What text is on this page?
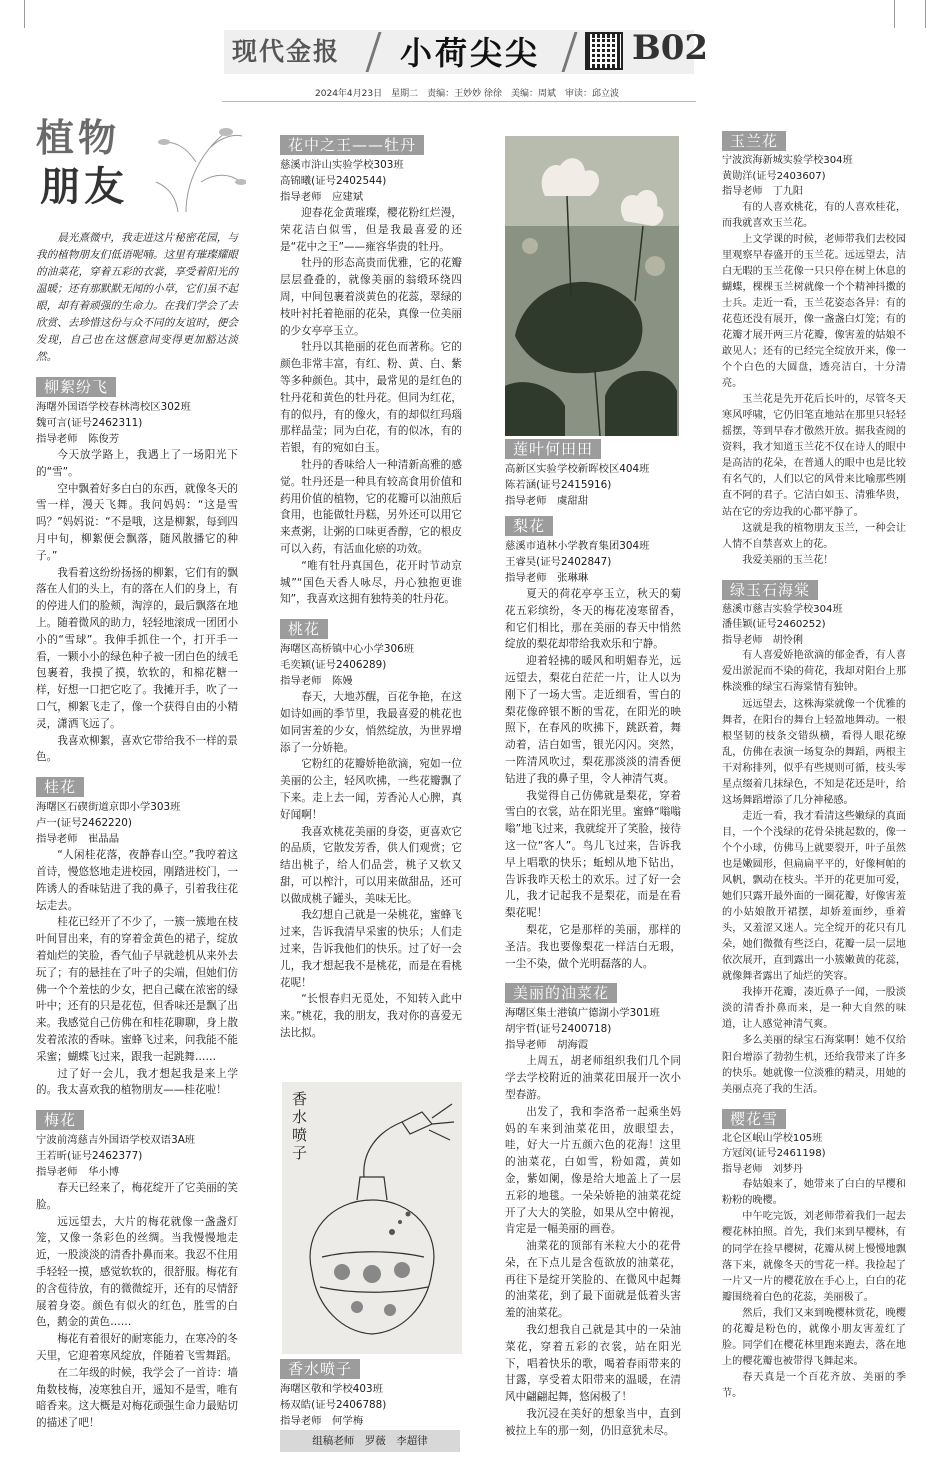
现代金报 小荷尖尖	B02
2024年4月23日　星期二　责编：王妙妙 徐徐　美编：周斌　审读：邱立波
植物
朋友

晨光熹微中，我走进这片秘密花园，与我的植物朋友们低语呢喃。这里有璀璨耀眼的油菜花，穿着五彩的衣裳，享受着阳光的温暖；还有那默默无闻的小草，它们虽不起眼，却有着顽强的生命力。在我们学会了去欣赏、去珍惜这份与众不同的友谊时，便会发现，自己也在这惬意间变得更加豁达淡然。

柳絮纷飞
海曙外国语学校春林湾校区302班
魏可言(证号2462311)
指导老师　陈俊芳

今天放学路上，我遇上了一场阳光下的“雪”。

空中飘着好多白白的东西，就像冬天的雪一样，漫天飞舞。我问妈妈：“这是雪吗？”妈妈说：“不是哦，这是柳絮，每到四月中旬，柳絮便会飘落，随风散播它的种子。”

我看着这纷纷扬扬的柳絮，它们有的飘落在人们的头上，有的落在人们的身上，有的停进人们的脸颊，淘淳的，最后飘落在地上。随着微风的助力，轻轻地滚成一团团小小的“雪球”。我伸手抓住一个，打开手一看，一颗小小的绿色种子被一团白色的绒毛包裹着，我摸了摸，软软的，和棉花糖一样，好想一口把它吃了。我摊开手，吹了一口气，柳絮飞走了，像一个获得自由的小精灵，潇洒飞远了。

我喜欢柳絮，喜欢它带给我不一样的景色。

桂花
海曙区石碶街道京即小学303班
卢一(证号2462220)
指导老师　崔晶晶

“人闲桂花落，夜静春山空。”我哼着这首诗，慢悠悠地走进校园，刚踏进校门，一阵诱人的香味钻进了我的鼻子，引着我往花坛走去。

桂花已经开了不少了，一簇一簇地在枝叶间冒出来，有的穿着金黄色的裙子，绽放着灿烂的笑脸，香气仙子早就趁机从来外去玩了；有的悬挂在了叶子的尖端，但她们仿佛一个个羞怯的少女，把自己藏在浓密的绿叶中；还有的只是花苞，但香味还是飘了出来。我感觉自己仿佛在和桂花聊聊，身上散发着浓浓的香味。蜜蜂飞过来，问我能不能采蜜；蝴蝶飞过来，跟我一起跳舞……

过了好一会儿，我才想起我是来上学的。我太喜欢我的植物朋友——桂花啦！

梅花
宁波前湾慈吉外国语学校双语3A班
王若昕(证号2462377)
指导老师　华小博

春天已经来了，梅花绽开了它美丽的笑脸。

远远望去，大片的梅花就像一盏盏灯笼，又像一条彩色的丝绸。当我慢慢地走近，一股淡淡的清香扑鼻而来。我忍不住用手轻轻一摸，感觉软软的，很舒服。梅花有的含苞待放，有的微微绽开，还有的尽情舒展着身姿。颜色有似火的红色，胜雪的白色，鹅金的黄色……

梅花有着很好的耐寒能力，在寒冷的冬天里，它迎着寒风绽放，伴随着飞雪舞蹈。

在二年级的时候，我学会了一首诗：墙角数枝梅，凌寒独自开，遥知不是雪，唯有暗香来。这大概是对梅花顽强生命力最贴切的描述了吧！

花中之王——牡丹
慈溪市浒山实验学校303班
高锦曦(证号2402544)
指导老师　应建斌

迎春花金黄璀璨，樱花粉红烂漫，荣花洁白似雪，但是我最喜爱的还是“花中之王”——雍容华贵的牡丹。

牡丹的形态高贵而优雅，它的花瓣层层叠叠的，就像美丽的翁缎环绕四周，中间包裹着淡黄色的花蕊，翠绿的枝叶衬托着艳丽的花朵，真像一位美丽的少女亭亭玉立。

牡丹以其艳丽的花色而著称。它的颜色非常丰富，有红、粉、黄、白、紫等多种颜色。其中，最常见的是红色的牡丹花和黄色的牡丹花。但同为红花，有的似丹，有的像火，有的却似红玛瑙那样晶莹；同为白花，有的似冰，有的若银，有的宛如白玉。

牡丹的香味给人一种清新高雅的感觉。牡丹还是一种具有较高食用价值和药用价值的植物，它的花瓣可以油煎后食用，也能做牡丹糕，另外还可以用它来煮粥，让粥的口味更香醇，它的根皮可以入药，有活血化瘀的功效。

“唯有牡丹真国色，花开时节动京城”“国色天香人咏尽，丹心独抱更谁知”，我喜欢这拥有独特美的牡丹花。

桃花
海曙区高桥镇中心小学306班
毛奕颖(证号2406289)
指导老师　陈嫚

春天，大地苏醒，百花争艳，在这如诗如画的季节里，我最喜爱的桃花也如同害羞的少女，悄然绽放，为世界增添了一分娇艳。

它粉红的花瓣娇艳欲滴，宛如一位美丽的公主，轻风吹拂，一些花瓣飘了下来。走上去一闻，芳香沁人心脾，真好闻啊！

我喜欢桃花美丽的身姿，更喜欢它的品质，它散发芳香，供人们观赏；它结出桃子，给人们品尝，桃子又软又甜，可以榨汁，可以用来做甜品，还可以做成桃子罐头，美味无比。

我幻想自己就是一朵桃花，蜜蜂飞过来，告诉我清早采蜜的快乐；人们走过来，告诉我他们的快乐。过了好一会儿，我才想起我不是桃花，而是在看桃花呢！

“长恨春归无觅处，不知转入此中来。”桃花，我的朋友，我对你的喜爱无法比拟。

香水喷子
香水喷子
海曙区敬和学校403班
杨双皓(证号2406788)
指导老师　何学梅
组稿老师　罗薇　李超律
莲叶何田田
高新区实验学校新晖校区404班
陈若涵(证号2415916)
指导老师　虞甜甜
梨花
慈溪市逍林小学教育集团304班
王睿昊(证号2402847)
指导老师　张琳琳

夏天的荷花亭亭玉立，秋天的菊花五彩缤纷，冬天的梅花凌寒留香，和它们相比，那在美丽的春天中悄然绽放的梨花却带给我欢乐和宁静。

迎着轻拂的暖风和明媚春光，远远望去，梨花白茫茫一片，让人以为刚下了一场大雪。走近细看，雪白的梨花像碎银不断的雪花，在阳光的映照下，在春风的吹拂下，跳跃着，舞动着，洁白如雪，银光闪闪。突然，一阵清风吹过，梨花那淡淡的清香便钻进了我的鼻子里，令人神清气爽。

我觉得自己仿佛就是梨花，穿着雪白的衣裳，站在阳光里。蜜蜂“嗡嗡嗡”地飞过来，我就绽开了笑脸，接待这一位“客人”。鸟儿飞过来，告诉我早上唱歌的快乐；蚯蚓从地下钻出，告诉我昨天松土的欢乐。过了好一会儿，我才记起我不是梨花，而是在看梨花呢！

梨花，它是那样的美丽，那样的圣洁。我也要像梨花一样洁白无瑕，一尘不染，做个光明磊落的人。

美丽的油菜花
海曙区集士港镇广德湖小学301班
胡宇哲(证号2400718)
指导老师　胡海霞

上周五，胡老师组织我们几个同学去学校附近的油菜花田展开一次小型春游。

出发了，我和李洛希一起乘坐妈妈的车来到油菜花田，放眼望去，哇，好大一片五颜六色的花海！这里的油菜花，白如雪，粉如霞，黄如金，紫如阑，像是给大地盖上了一层五彩的地毯。一朵朵娇艳的油菜花绽开了大大的笑脸，如果从空中俯视，肯定是一幅美丽的画卷。

油菜花的顶部有米粒大小的花骨朵，在下点儿是含苞欲放的油菜花，再往下是绽开笑脸的、在微风中起舞的油菜花，到了最下面就是低着头害羞的油菜花。

我幻想我自己就是其中的一朵油菜花，穿着五彩的衣裳，站在阳光下，唱着快乐的歌，喝着春雨带来的甘露，享受着太阳带来的温暖，在清风中翩翩起舞，悠闲极了！

我沉浸在美好的想象当中，直到被拉上车的那一刻，仍旧意犹未尽。

玉兰花
宁波滨海新城实验学校304班
黄勋洋(证号2403607)
指导老师　丁九阳

有的人喜欢桃花，有的人喜欢桂花，而我就喜欢玉兰花。

上文学课的时候，老师带我们去校园里观察早春盛开的玉兰花。远远望去，洁白无暇的玉兰花像一只只停在树上休息的蝴蝶，棵棵玉兰树就像一个个精神抖擞的士兵。走近一看，玉兰花姿态各异：有的花苞还没有展开，像一盏盏白灯笼；有的花瓣才展开两三片花瓣，像害羞的姑娘不敢见人；还有的已经完全绽放开来，像一个个白色的大圆盘，透亮洁白，十分清亮。

玉兰花是先开花后长叶的，尽管冬天寒风呼啸，它仍旧笔直地站在那里只轻轻摇摆，等到早春才傲然开放。据我查阅的资料，我才知道玉兰花不仅在诗人的眼中是高洁的花朵，在普通人的眼中也是比较有名气的，人们以它的风骨来比喻那些刚直不阿的君子。它洁白如玉、清雅华贵，站在它的旁边我的心都平静了。

这就是我的植物朋友玉兰，一种会让人情不自禁喜欢上的花。

我爱美丽的玉兰花！

绿玉石海棠
慈溪市慈吉实验学校304班
潘佳颖(证号2460252)
指导老师　胡怜俐

有人喜爱娇艳欲滴的郁金香，有人喜爱出淤泥而不染的荷花，我却对阳台上那株淡雅的绿宝石海棠情有独钟。

远远望去，这株海棠就像一个优雅的舞者，在阳台的舞台上轻盈地舞动。一根根坚韧的枝条交错纵横，看得人眼花缭乱，仿佛在表演一场复杂的舞蹈，两根主干对称排列，似乎有些规则可循，枝头零星点缀着几抹绿色，不知是花还是叶，给这场舞蹈增添了几分神秘感。

走近一看，我才看清这些嫩绿的真面目，一个个浅绿的花骨朵挑起数的，像一个个小球，仿佛马上就要裂开，叶子虽然也是嫩圆形，但扁扁平平的，好像柯帕的风帆，飘动在枝头。半开的花更加可爱，她们只露开最外面的一圈花瓣，好像害羞的小姑娘散开裙摆，却娇羞面纱，垂着头，又羞涩又迷人。完全绽开的花只有几朵，她们微微有些泛白，花瓣一层一层地依次展开，直到露出一小簇嫩黄的花蕊，就像舞者露出了灿烂的笑容。

我捧开花瓣，凑近鼻子一闻，一股淡淡的清香扑鼻而来，是一种大自然的味道，让人感觉神清气爽。

多么美丽的绿宝石海棠啊！她不仅给阳台增添了勃勃生机，还给我带来了许多的快乐。她就像一位淡雅的精灵，用她的美丽点亮了我的生活。

樱花雪
北仑区岷山学校105班
方冠闵(证号2461198)
指导老师　刘梦丹

春姑娘来了，她带来了白白的早樱和粉粉的晚樱。

中午吃完饭，刘老师带着我们一起去樱花林拍照。首先，我们来到早樱林，有的同学在捡早樱树，花瓣从树上慢慢地飘落下来，就像冬天的雪花一样。我捡起了一片又一片的樱花放在手心上，白白的花瓣围绕着白色的花蕊，美丽极了。

然后，我们又来到晚樱林赏花，晚樱的花瓣是粉色的，就像小朋友害羞红了脸。同学们在樱花林里跑来跑去，落在地上的樱花瓣也被带得飞舞起来。

春天真是一个百花齐放、美丽的季节。
